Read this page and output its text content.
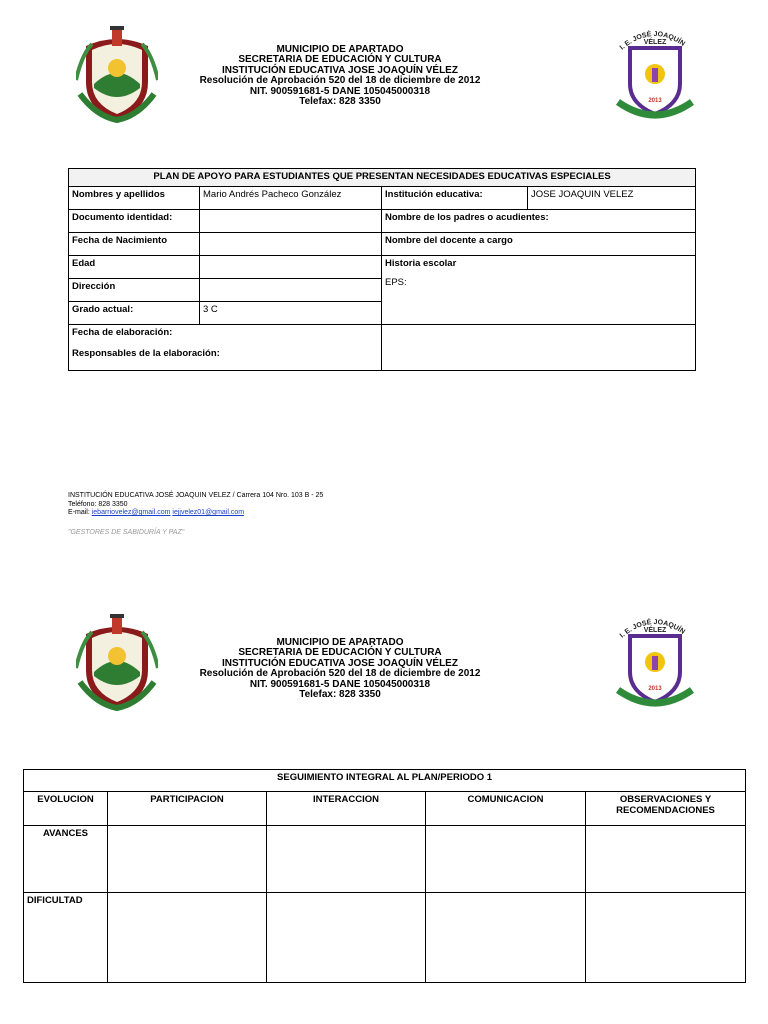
MUNICIPIO DE APARTADO
SECRETARIA DE EDUCACIÓN Y CULTURA
INSTITUCIÓN EDUCATIVA JOSE JOAQUÍN VÉLEZ
Resolución de Aprobación 520 del 18 de diciembre de 2012
NIT. 900591681-5 DANE 105045000318
Telefax: 828 3350
I. E. JOSÉ JOAQUÍN
VÉLEZ
2013
PLAN DE APOYO PARA ESTUDIANTES QUE PRESENTAN NECESIDADES EDUCATIVAS ESPECIALES			
Nombres y apellidos	Mario Andrés Pacheco González	Institución educativa:	JOSE JOAQUIN VELEZ
Documento identidad:		Nombre de los padres o acudientes:	
Fecha de Nacimiento		Nombre del docente a cargo	
Edad		Historia escolar
EPS:	

Dirección			
Grado actual:	3 C		

Fecha de elaboración:
Responsables de la elaboración:			

INSTITUCIÓN EDUCATIVA JOSÉ JOAQUIN VELEZ / Carrera 104 Nro. 103 B - 25
Teléfono: 828 3350
E-mail: iebarriovelez@gmail.com iejjvelez01@gmail.com
"GESTORES DE SABIDURÍA Y PAZ"
MUNICIPIO DE APARTADO
SECRETARIA DE EDUCACIÓN Y CULTURA
INSTITUCIÓN EDUCATIVA JOSE JOAQUÍN VÉLEZ
Resolución de Aprobación 520 del 18 de diciembre de 2012
NIT. 900591681-5 DANE 105045000318
Telefax: 828 3350
I. E. JOSÉ JOAQUÍN
VÉLEZ
2013
SEGUIMIENTO INTEGRAL AL PLAN/PERIODO 1				
EVOLUCION	PARTICIPACION	INTERACCION	COMUNICACION	OBSERVACIONES Y RECOMENDACIONES
AVANCES				
DIFICULTAD				
